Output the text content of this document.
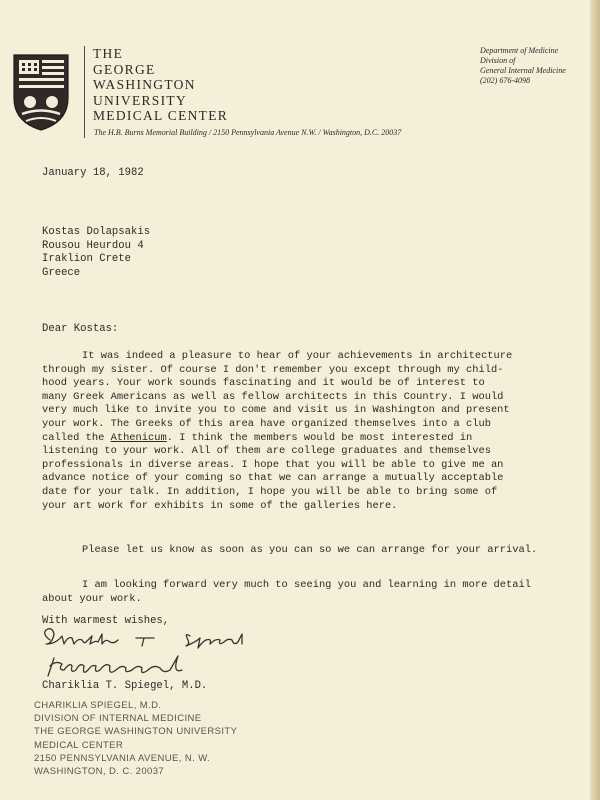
THE
GEORGE
WASHINGTON
UNIVERSITY
MEDICAL CENTER
The H.B. Burns Memorial Building / 2150 Pennsylvania Avenue N.W. / Washington, D.C. 20037
Department of Medicine
Division of
General Internal Medicine
(202) 676-4098
January 18, 1982
Kostas Dolapsakis
Rousou Heurdou 4
Iraklion Crete
Greece
Dear Kostas:
It was indeed a pleasure to hear of your achievements in architecture
through my sister. Of course I don't remember you except through my child-
hood years. Your work sounds fascinating and it would be of interest to
many Greek Americans as well as fellow architects in this Country. I would
very much like to invite you to come and visit us in Washington and present
your work. The Greeks of this area have organized themselves into a club
called the Athenicum. I think the members would be most interested in
listening to your work. All of them are college graduates and themselves
professionals in diverse areas. I hope that you will be able to give me an
advance notice of your coming so that we can arrange a mutually acceptable
date for your talk. In addition, I hope you will be able to bring some of
your art work for exhibits in some of the galleries here.
Please let us know as soon as you can so we can arrange for your arrival.
I am looking forward very much to seeing you and learning in more detail
about your work.
With warmest wishes,
Chariklia T. Spiegel, M.D.
CHARIKLIA SPIEGEL, M.D.
DIVISION OF INTERNAL MEDICINE
THE GEORGE WASHINGTON UNIVERSITY
MEDICAL CENTER
2150 PENNSYLVANIA AVENUE, N. W.
WASHINGTON, D. C. 20037
